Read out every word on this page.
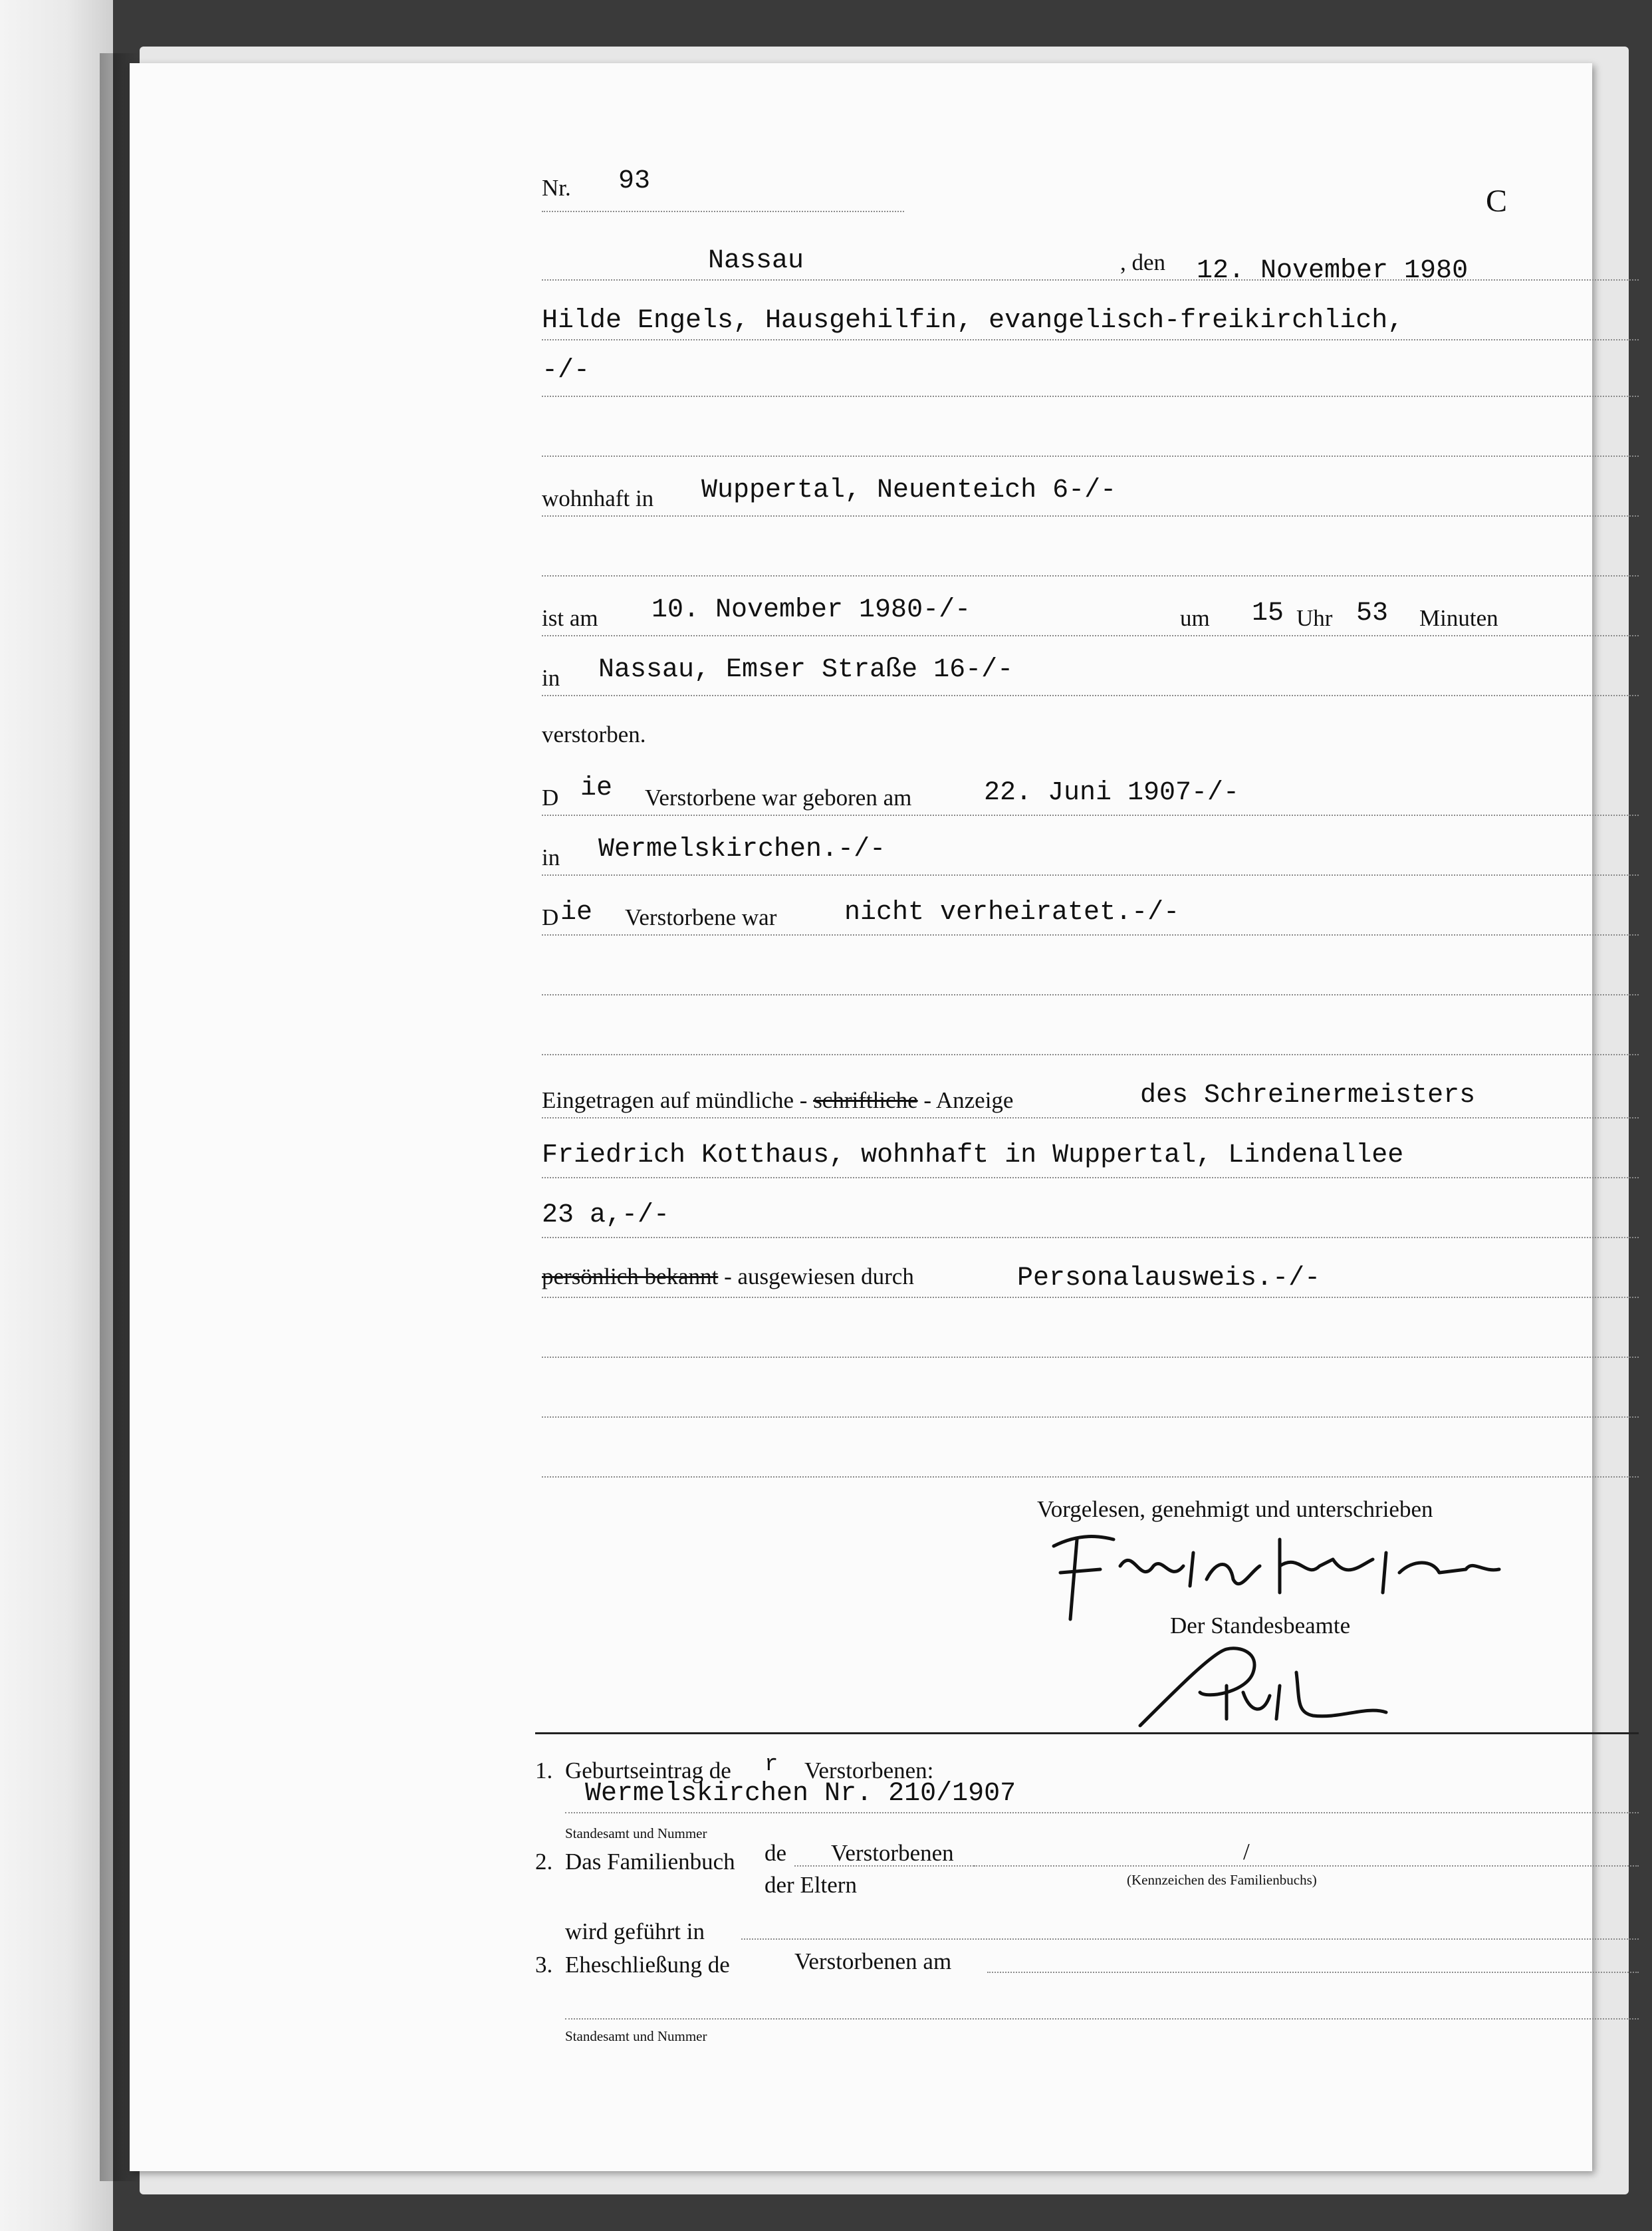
Nr. 93
C
Nassau	, den 12. November 1980
Hilde Engels, Hausgehilfin, evangelisch-freikirchlich,
-/-
wohnhaft in Wuppertal, Neuenteich 6-/-
ist am 10. November 1980-/-	um 15 Uhr 53 Minuten
in Nassau, Emser Straße 16-/-
verstorben.
D ie Verstorbene war geboren am	22. Juni 1907-/-
in Wermelskirchen.-/-
D ie Verstorbene war	nicht verheiratet.-/-
Eingetragen auf mündliche - schriftliche - Anzeige	des Schreinermeisters
Friedrich Kotthaus, wohnhaft in Wuppertal, Lindenallee
23 a,-/-
persönlich bekannt - ausgewiesen durch	Personalausweis.-/-
Vorgelesen, genehmigt und unterschrieben
Der Standesbeamte
1. Geburtseintrag de r Verstorbenen:
Wermelskirchen Nr. 210/1907
Standesamt und Nummer
2. Das Familienbuch de Verstorbenen
der Eltern
/
(Kennzeichen des Familienbuchs)
wird geführt in
3. Eheschließung de	Verstorbenen am
Standesamt und Nummer
